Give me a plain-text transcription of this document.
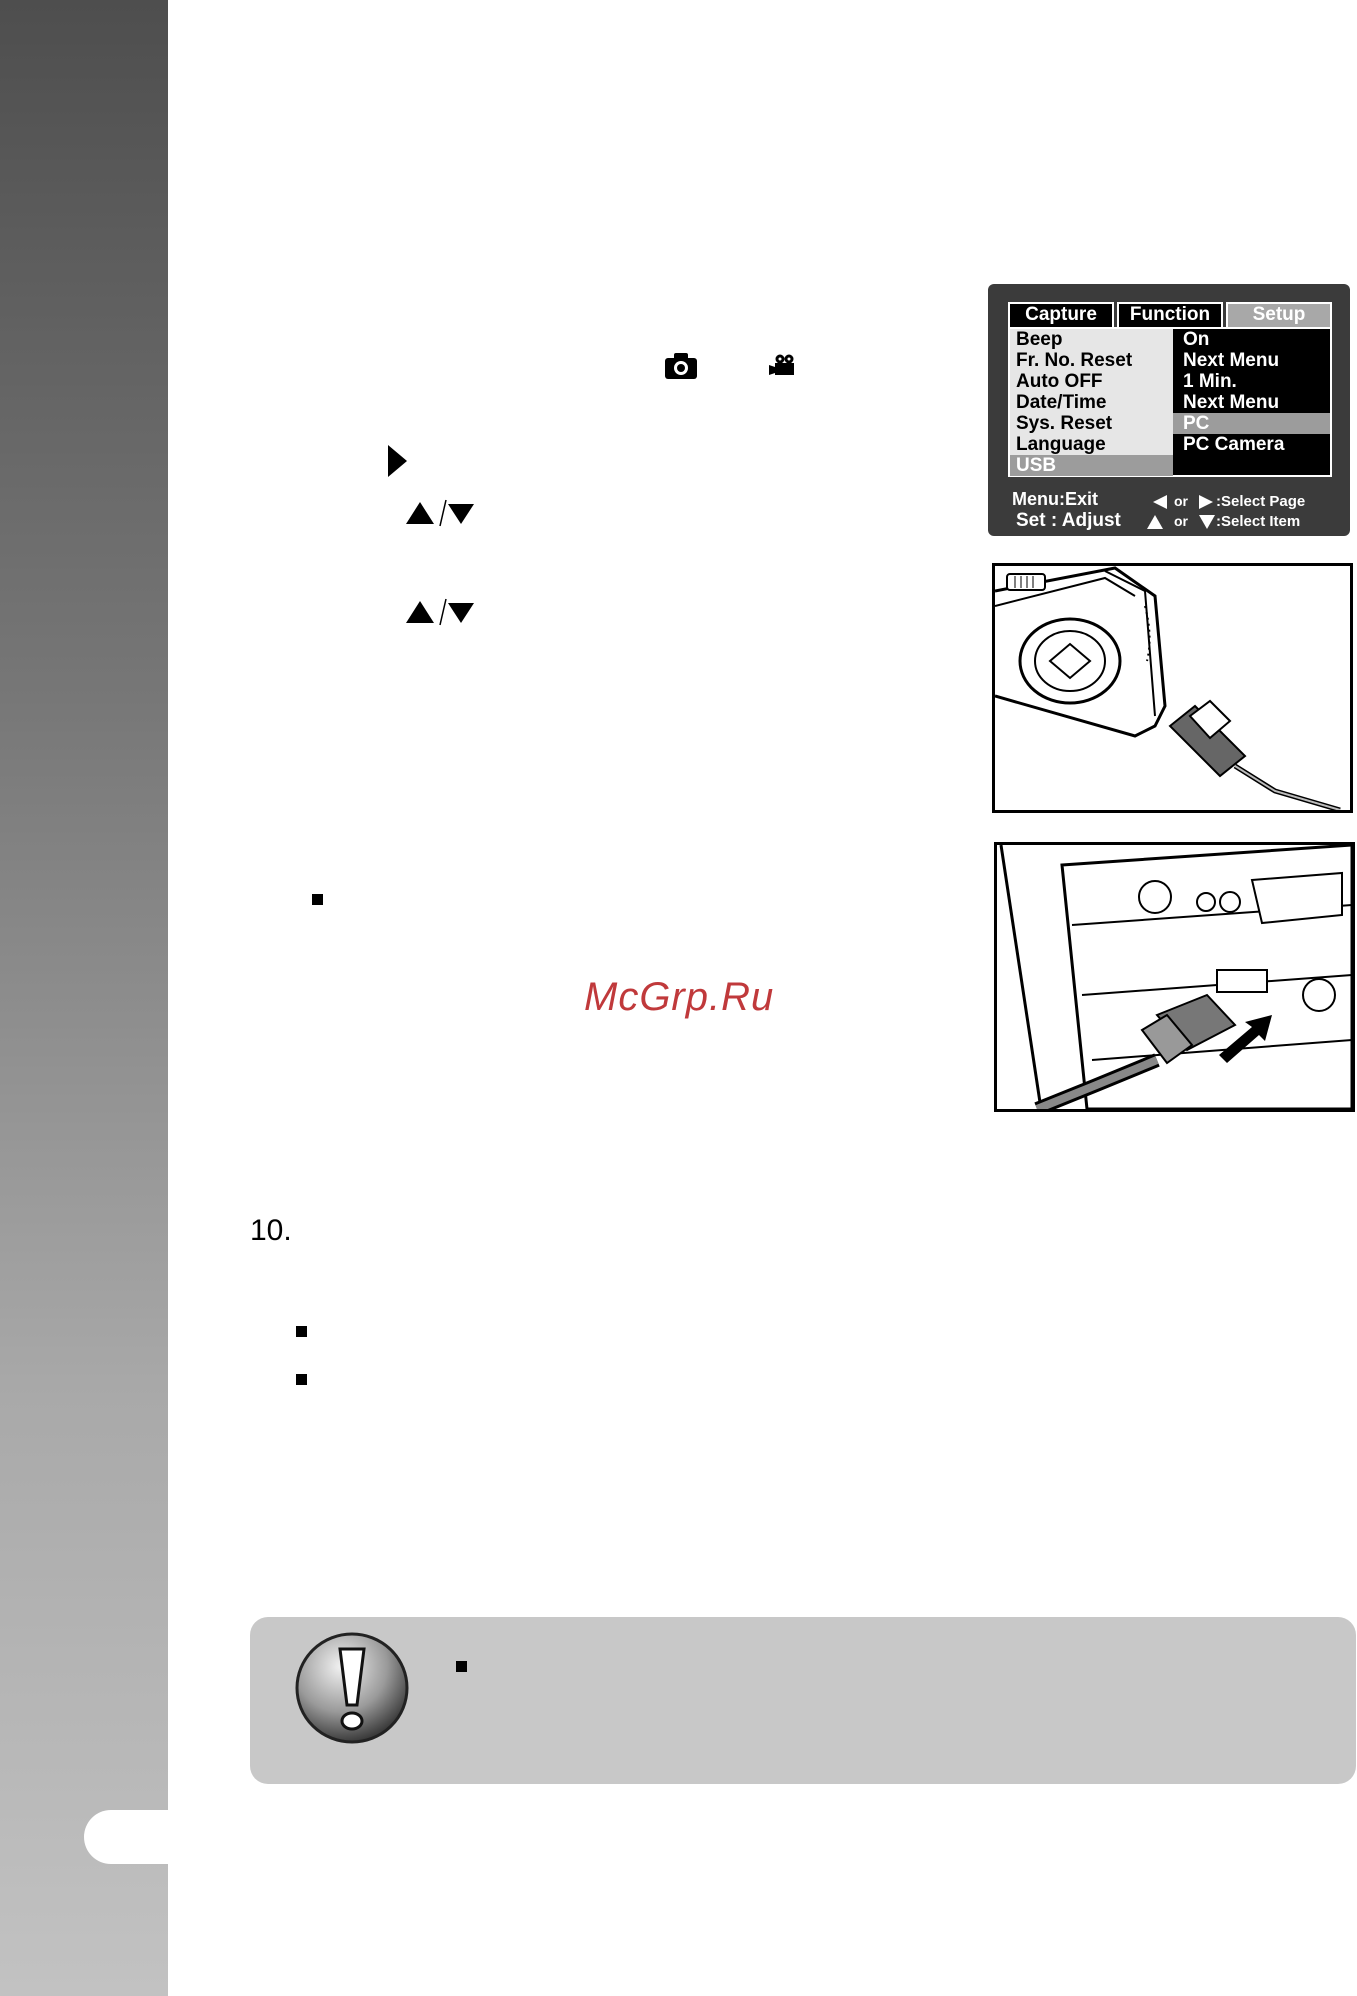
McGrp.Ru
10.
Capture	Function	Setup
Beep
Fr. No. Reset
Auto OFF
Date/Time
Sys. Reset
Language
USB
On
Next Menu
1 Min.
Next Menu
PC
PC Camera
Menu:Exit
Set : Adjust
or :Select Page
or :Select Item
